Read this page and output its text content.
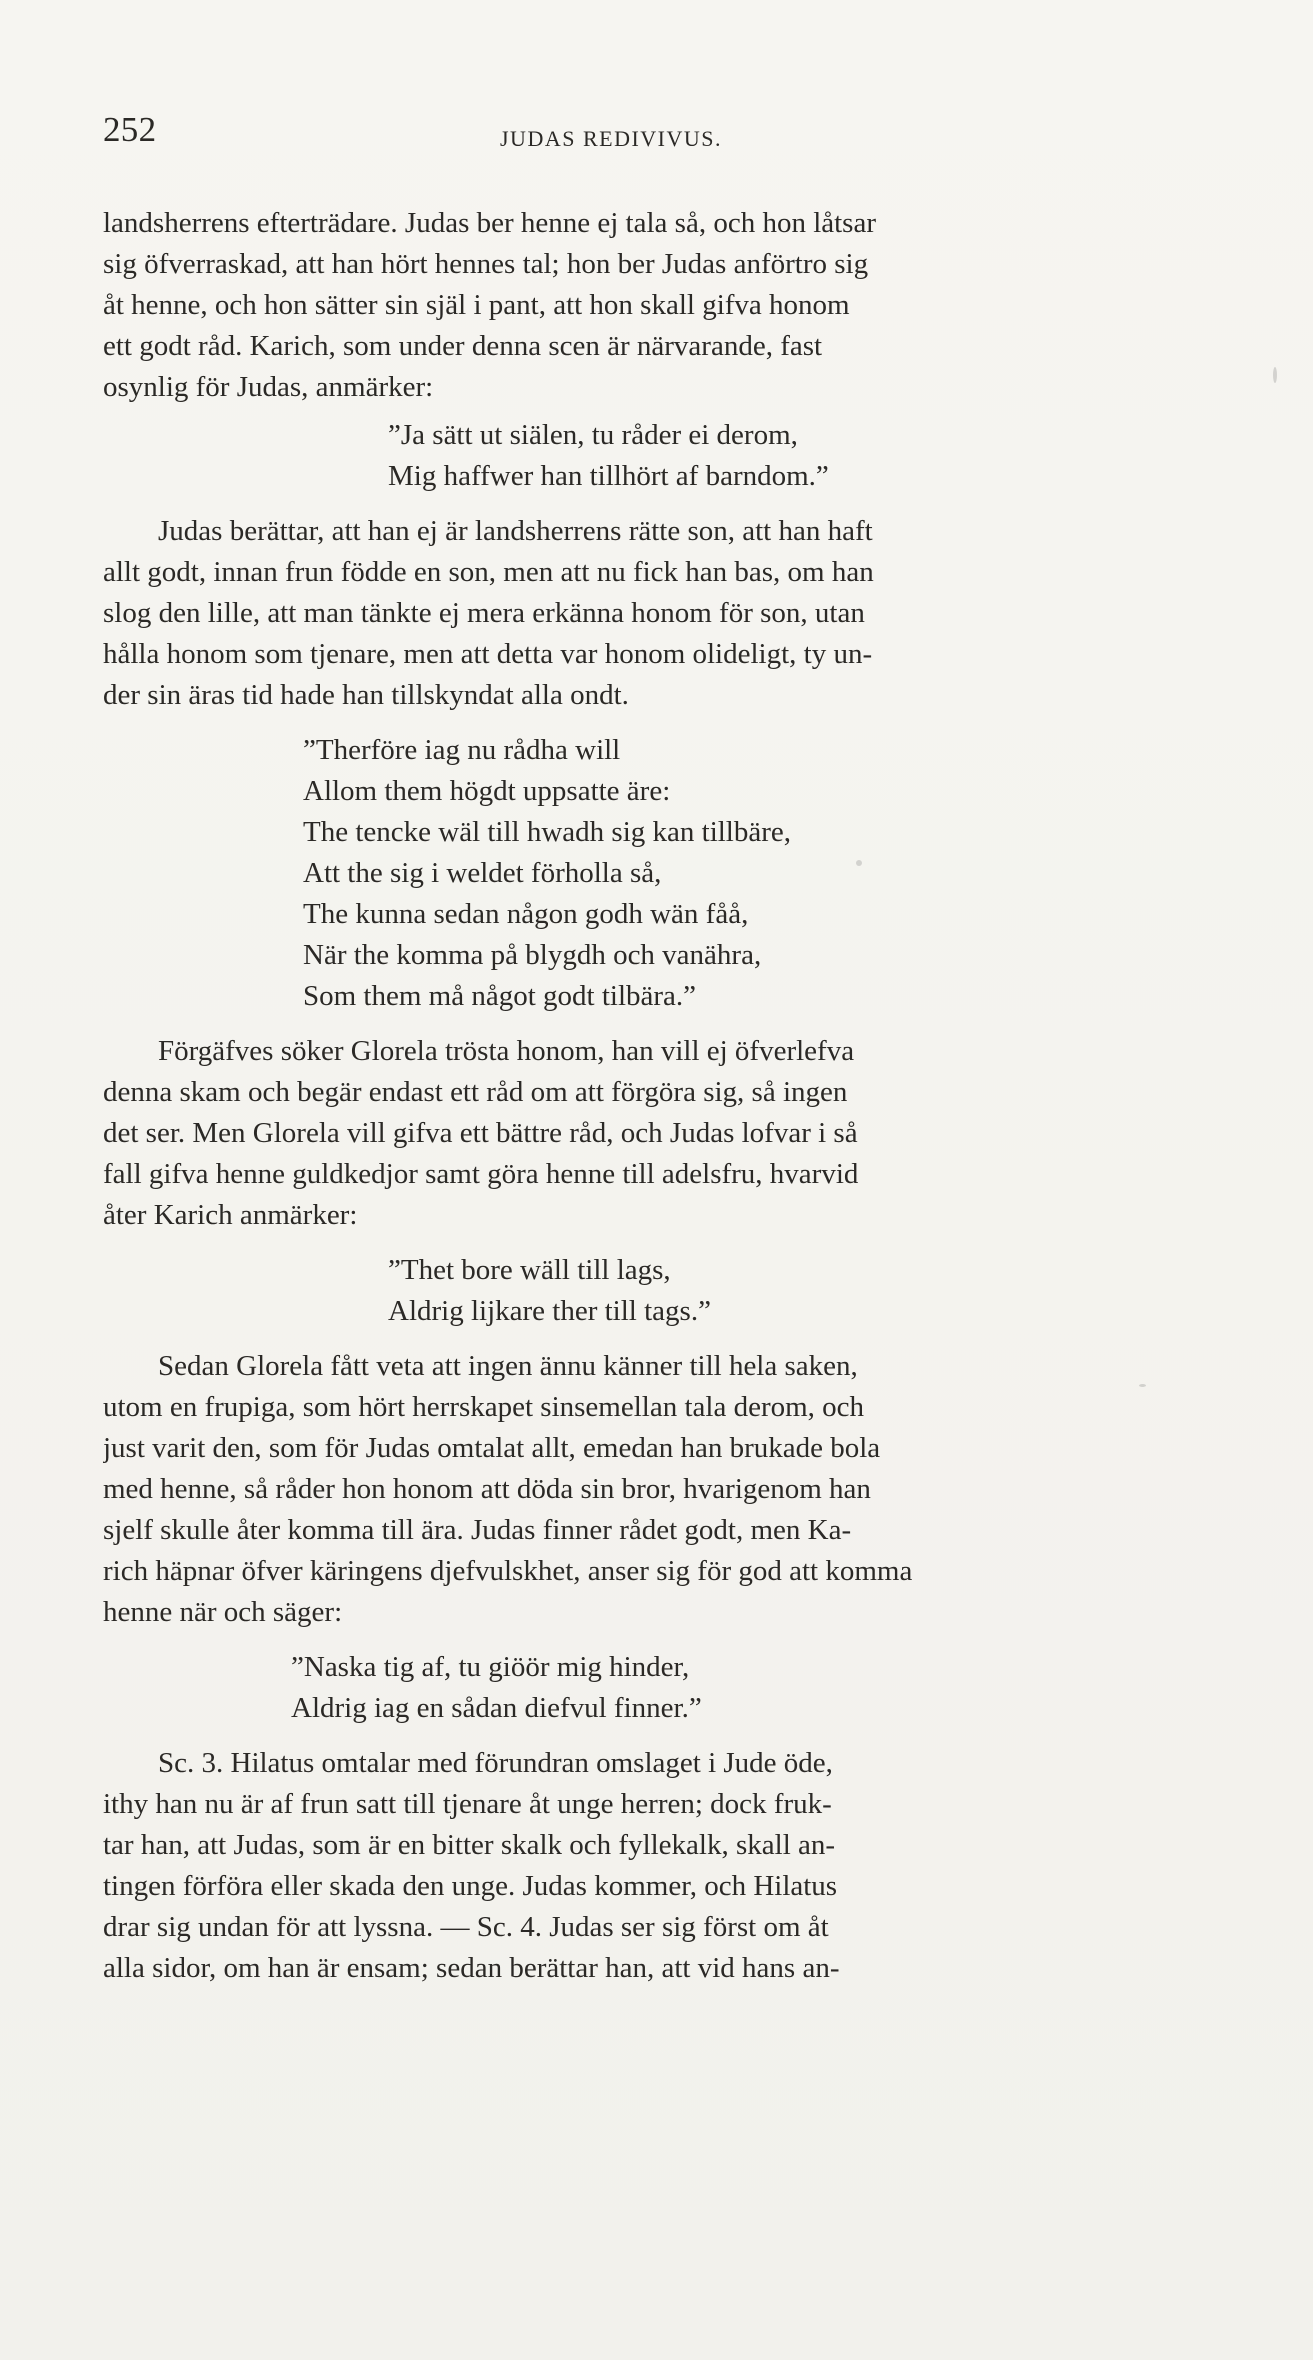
252	JUDAS REDIVIVUS.
landsherrens efterträdare. Judas ber henne ej tala så, och hon låtsar
sig öfverraskad, att han hört hennes tal; hon ber Judas anförtro sig
åt henne, och hon sätter sin själ i pant, att hon skall gifva honom
ett godt råd. Karich, som under denna scen är närvarande, fast
osynlig för Judas, anmärker:
”Ja sätt ut siälen, tu råder ei derom,
Mig haffwer han tillhört af barndom.”
Judas berättar, att han ej är landsherrens rätte son, att han haft
allt godt, innan frun födde en son, men att nu fick han bas, om han
slog den lille, att man tänkte ej mera erkänna honom för son, utan
hålla honom som tjenare, men att detta var honom olideligt, ty un-
der sin äras tid hade han tillskyndat alla ondt.
”Therföre iag nu rådha will
Allom them högdt uppsatte äre:
The tencke wäl till hwadh sig kan tillbäre,
Att the sig i weldet förholla så,
The kunna sedan någon godh wän fåå,
När the komma på blygdh och vanähra,
Som them må något godt tilbära.”
Förgäfves söker Glorela trösta honom, han vill ej öfverlefva
denna skam och begär endast ett råd om att förgöra sig, så ingen
det ser. Men Glorela vill gifva ett bättre råd, och Judas lofvar i så
fall gifva henne guldkedjor samt göra henne till adelsfru, hvarvid
åter Karich anmärker:
”Thet bore wäll till lags,
Aldrig lijkare ther till tags.”
Sedan Glorela fått veta att ingen ännu känner till hela saken,
utom en frupiga, som hört herrskapet sinsemellan tala derom, och
just varit den, som för Judas omtalat allt, emedan han brukade bola
med henne, så råder hon honom att döda sin bror, hvarigenom han
sjelf skulle åter komma till ära. Judas finner rådet godt, men Ka-
rich häpnar öfver käringens djefvulskhet, anser sig för god att komma
henne när och säger:
”Naska tig af, tu giöör mig hinder,
Aldrig iag en sådan diefvul finner.”
Sc. 3. Hilatus omtalar med förundran omslaget i Jude öde,
ithy han nu är af frun satt till tjenare åt unge herren; dock fruk-
tar han, att Judas, som är en bitter skalk och fyllekalk, skall an-
tingen förföra eller skada den unge. Judas kommer, och Hilatus
drar sig undan för att lyssna. — Sc. 4. Judas ser sig först om åt
alla sidor, om han är ensam; sedan berättar han, att vid hans an-
